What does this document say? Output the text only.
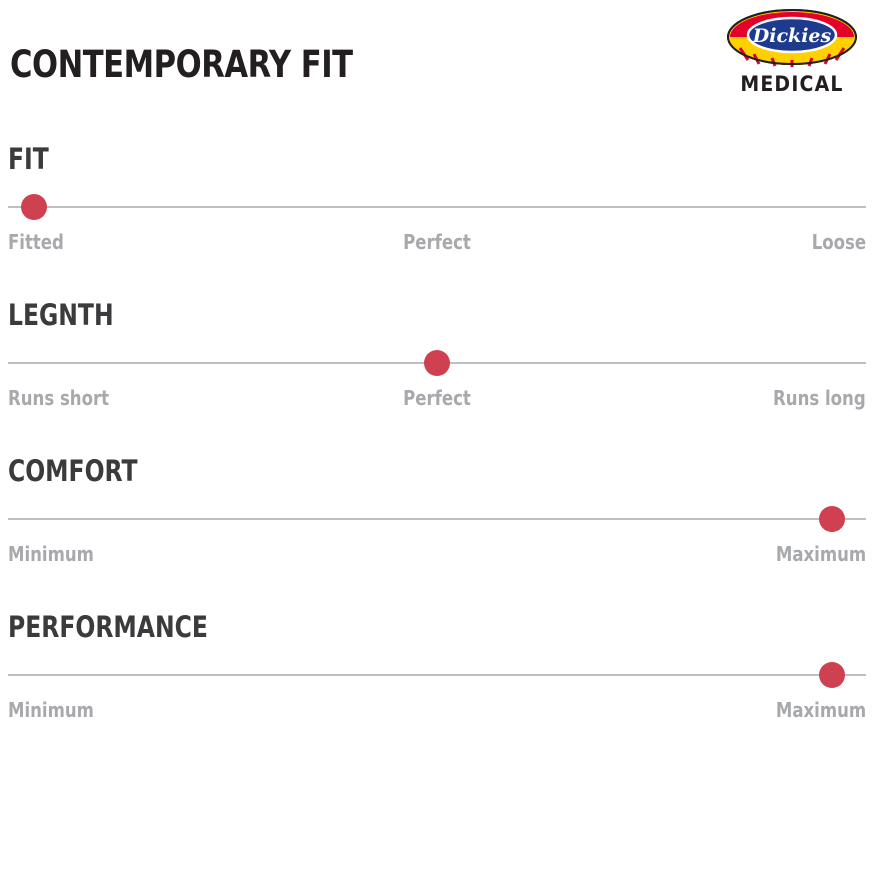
CONTEMPORARY FIT
Dickies
MEDICAL
FIT
Fitted	Perfect	Loose
LEGNTH
Runs short	Perfect	Runs long
COMFORT
Minimum	Maximum
PERFORMANCE
Minimum	Maximum
